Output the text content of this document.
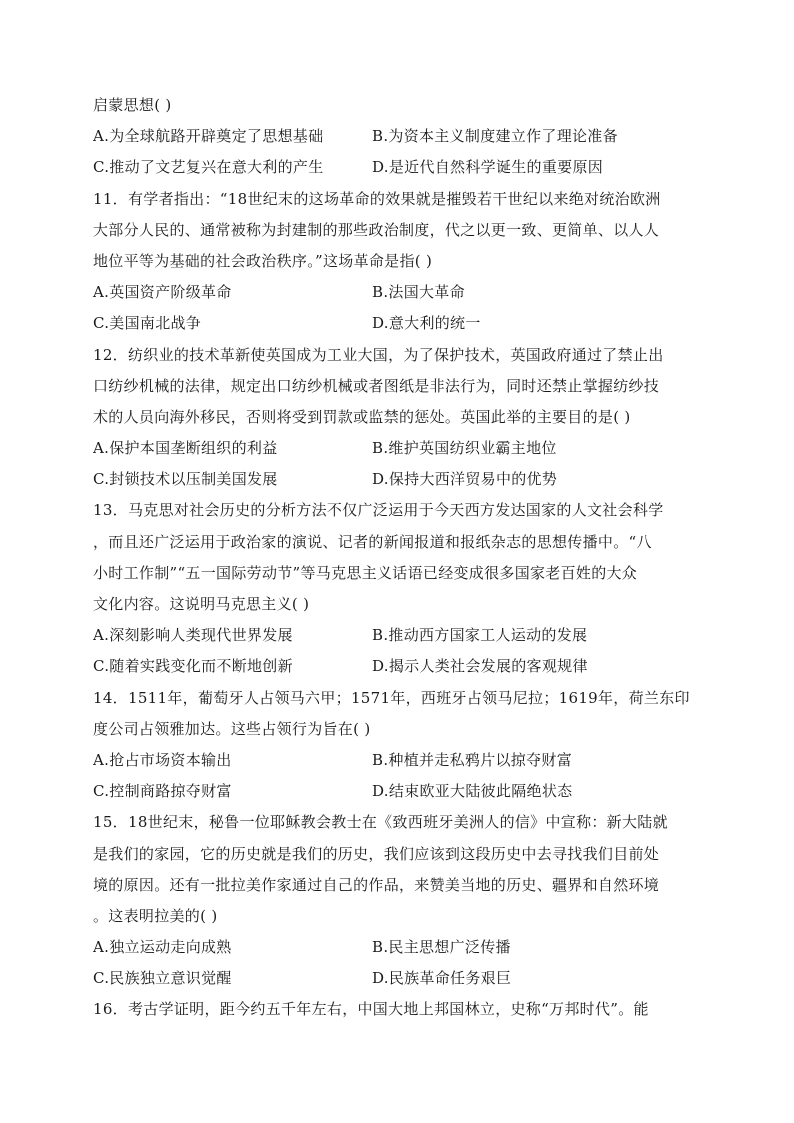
启蒙思想( )
A.为全球航路开辟奠定了思想基础	B.为资本主义制度建立作了理论准备
C.推动了文艺复兴在意大利的产生	D.是近代自然科学诞生的重要原因
11．有学者指出：“18世纪末的这场革命的效果就是摧毁若干世纪以来绝对统治欧洲
大部分人民的、通常被称为封建制的那些政治制度，代之以更一致、更简单、以人人
地位平等为基础的社会政治秩序。”这场革命是指( )
A.英国资产阶级革命	B.法国大革命
C.美国南北战争	D.意大利的统一
12．纺织业的技术革新使英国成为工业大国，为了保护技术，英国政府通过了禁止出
口纺纱机械的法律，规定出口纺纱机械或者图纸是非法行为，同时还禁止掌握纺纱技
术的人员向海外移民，否则将受到罚款或监禁的惩处。英国此举的主要目的是( )
A.保护本国垄断组织的利益	B.维护英国纺织业霸主地位
C.封锁技术以压制美国发展	D.保持大西洋贸易中的优势
13．马克思对社会历史的分析方法不仅广泛运用于今天西方发达国家的人文社会科学
，而且还广泛运用于政治家的演说、记者的新闻报道和报纸杂志的思想传播中。“八
小时工作制”“五一国际劳动节”等马克思主义话语已经变成很多国家老百姓的大众
文化内容。这说明马克思主义( )
A.深刻影响人类现代世界发展	B.推动西方国家工人运动的发展
C.随着实践变化而不断地创新	D.揭示人类社会发展的客观规律
14．1511年，葡萄牙人占领马六甲；1571年，西班牙占领马尼拉；1619年，荷兰东印
度公司占领雅加达。这些占领行为旨在( )
A.抢占市场资本输出	B.种植并走私鸦片以掠夺财富
C.控制商路掠夺财富	D.结束欧亚大陆彼此隔绝状态
15．18世纪末，秘鲁一位耶稣教会教士在《致西班牙美洲人的信》中宣称：新大陆就
是我们的家园，它的历史就是我们的历史，我们应该到这段历史中去寻找我们目前处
境的原因。还有一批拉美作家通过自己的作品，来赞美当地的历史、疆界和自然环境
。这表明拉美的( )
A.独立运动走向成熟	B.民主思想广泛传播
C.民族独立意识觉醒	D.民族革命任务艰巨
16．考古学证明，距今约五千年左右，中国大地上邦国林立，史称“万邦时代”。能
